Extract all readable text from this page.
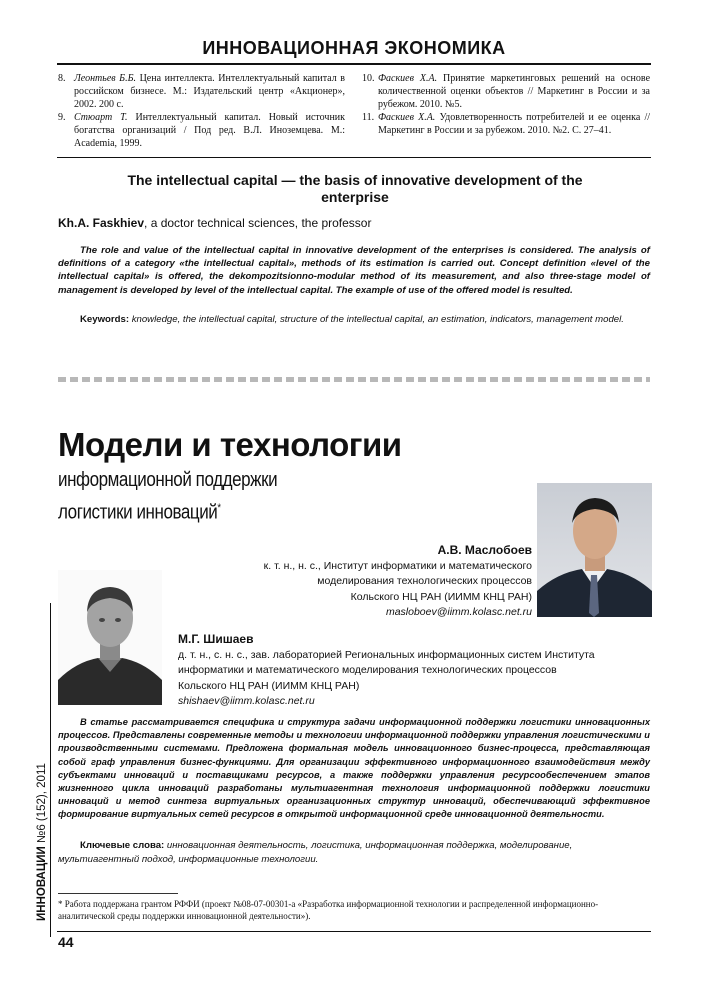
ИННОВАЦИОННАЯ ЭКОНОМИКА
8. Леонтьев Б.Б. Цена интеллекта. Интеллектуальный капитал в российском бизнесе. М.: Издательский центр «Акционер», 2002. 200 с.
9. Стюарт Т. Интеллектуальный капитал. Новый источник богатства организаций / Под ред. В.Л. Иноземцева. М.: Academia, 1999.
10. Фаскиев Х.А. Принятие маркетинговых решений на основе количественной оценки объектов // Маркетинг в России и за рубежом. 2010. №5.
11. Фаскиев Х.А. Удовлетворенность потребителей и ее оценка // Маркетинг в России и за рубежом. 2010. №2. С. 27–41.
The intellectual capital — the basis of innovative development of the enterprise
Kh.A. Faskhiev, a doctor technical sciences, the professor
The role and value of the intellectual capital in innovative development of the enterprises is considered. The analysis of definitions of a category «the intellectual capital», methods of its estimation is carried out. Concept definition «level of the intellectual capital» is offered, the dekompozitsionno-modular method of its measurement, and also three-stage model of management is developed by level of the intellectual capital. The example of use of the offered model is resulted.
Keywords: knowledge, the intellectual capital, structure of the intellectual capital, an estimation, indicators, management model.
Модели и технологии
информационной поддержки
логистики инноваций*
А.В. Маслобоев
к. т. н., н. с., Институт информатики и математического
моделирования технологических процессов
Кольского НЦ РАН (ИИММ КНЦ РАН)
masloboev@iimm.kolasc.net.ru
М.Г. Шишаев
д. т. н., с. н. с., зав. лабораторией Региональных информационных систем Института
информатики и математического моделирования технологических процессов
Кольского НЦ РАН (ИИММ КНЦ РАН)
shishaev@iimm.kolasc.net.ru
В статье рассматривается специфика и структура задачи информационной поддержки логистики инновационных процессов. Представлены современные методы и технологии информационной поддержки управления логистическими и производственными системами. Предложена формальная модель инновационного бизнес-процесса, представляющая собой граф управления бизнес-функциями. Для организации эффективного информационного взаимодействия между субъектами инноваций и поставщиками ресурсов, а также поддержки управления ресурсообеспечением этапов жизненного цикла инноваций разработаны мультиагентная технология информационной поддержки логистики инноваций и метод синтеза виртуальных организационных структур инноваций, обеспечивающий эффективное формирование виртуальных сетей ресурсов в открытой информационной среде инновационной деятельности.
Ключевые слова: инновационная деятельность, логистика, информационная поддержка, моделирование, мультиагентный подход, информационные технологии.
* Работа поддержана грантом РФФИ (проект №08-07-00301-а «Разработка информационной технологии и распределенной информационно-аналитической среды поддержки инновационной деятельности»).
44
ИННОВАЦИИ №6 (152), 2011
